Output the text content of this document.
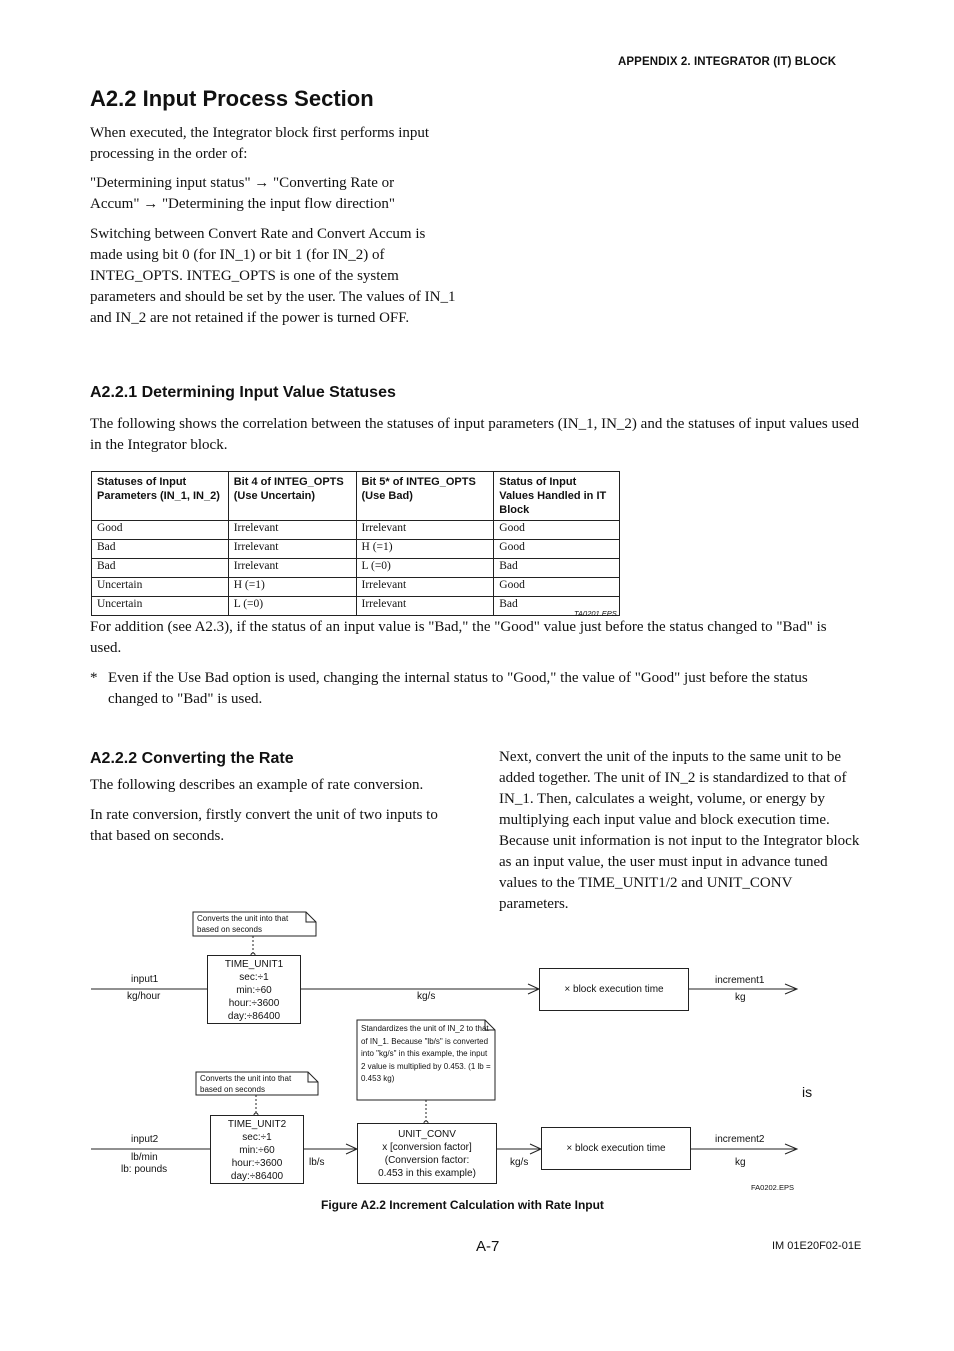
APPENDIX 2. INTEGRATOR (IT) BLOCK
A2.2 Input Process Section

When executed, the Integrator block first performs input processing in the order of:

"Determining input status" → "Converting Rate or Accum" → "Determining the input flow direction"

Switching between Convert Rate and Convert Accum is made using bit 0 (for IN_1) or bit 1 (for IN_2) of INTEG_OPTS. INTEG_OPTS is one of the system parameters and should be set by the user. The values of IN_1 and IN_2 are not retained if the power is turned OFF.

A2.2.1 Determining Input Value Statuses

The following shows the correlation between the statuses of input parameters (IN_1, IN_2) and the statuses of input values used in the Integrator block.

Statuses of Input Parameters (IN_1, IN_2)	Bit 4 of INTEG_OPTS (Use Uncertain)	Bit 5* of INTEG_OPTS (Use Bad)	Status of Input Values Handled in IT Block
Good	Irrelevant	Irrelevant	Good
Bad	Irrelevant	H (=1)	Good
Bad	Irrelevant	L (=0)	Bad
Uncertain	H (=1)	Irrelevant	Good
Uncertain	L (=0)	Irrelevant	Bad
TA0201.EPS

For addition (see A2.3), if the status of an input value is "Bad," the "Good" value just before the status changed to "Bad" is used.

* Even if the Use Bad option is used, changing the internal status to "Good," the value of "Good" just before the status changed to "Bad" is used.

A2.2.2 Converting the Rate

The following describes an example of rate conversion.

In rate conversion, firstly convert the unit of two inputs to that based on seconds.

Next, convert the unit of the inputs to the same unit to be added together. The unit of IN_2 is standardized to that of IN_1. Then, calculates a weight, volume, or energy by multiplying each input value and block execution time. Because unit information is not input to the Integrator block as an input value, the user must input in advance tuned values to the TIME_UNIT1/2 and UNIT_CONV parameters.

Converts the unit into that based on seconds
Converts the unit into that based on seconds
Standardizes the unit of IN_2 to that of IN_1. Because "lb/s" is converted into "kg/s" in this example, the input 2 value is multiplied by 0.453. (1 lb = 0.453 kg)
input1
kg/hour
input2
lb/min
lb: pounds
TIME_UNIT1
sec:÷1
min:÷60
hour:÷3600
day:÷86400
TIME_UNIT2
sec:÷1
min:÷60
hour:÷3600
day:÷86400
UNIT_CONV
x [conversion factor]
(Conversion factor:
0.453 in this example)
kg/s
lb/s	kg/s
× block execution time
× block execution time
increment1
kg
increment2
kg
is
FA0202.EPS
Figure A2.2 Increment Calculation with Rate Input
A-7	IM 01E20F02-01E
